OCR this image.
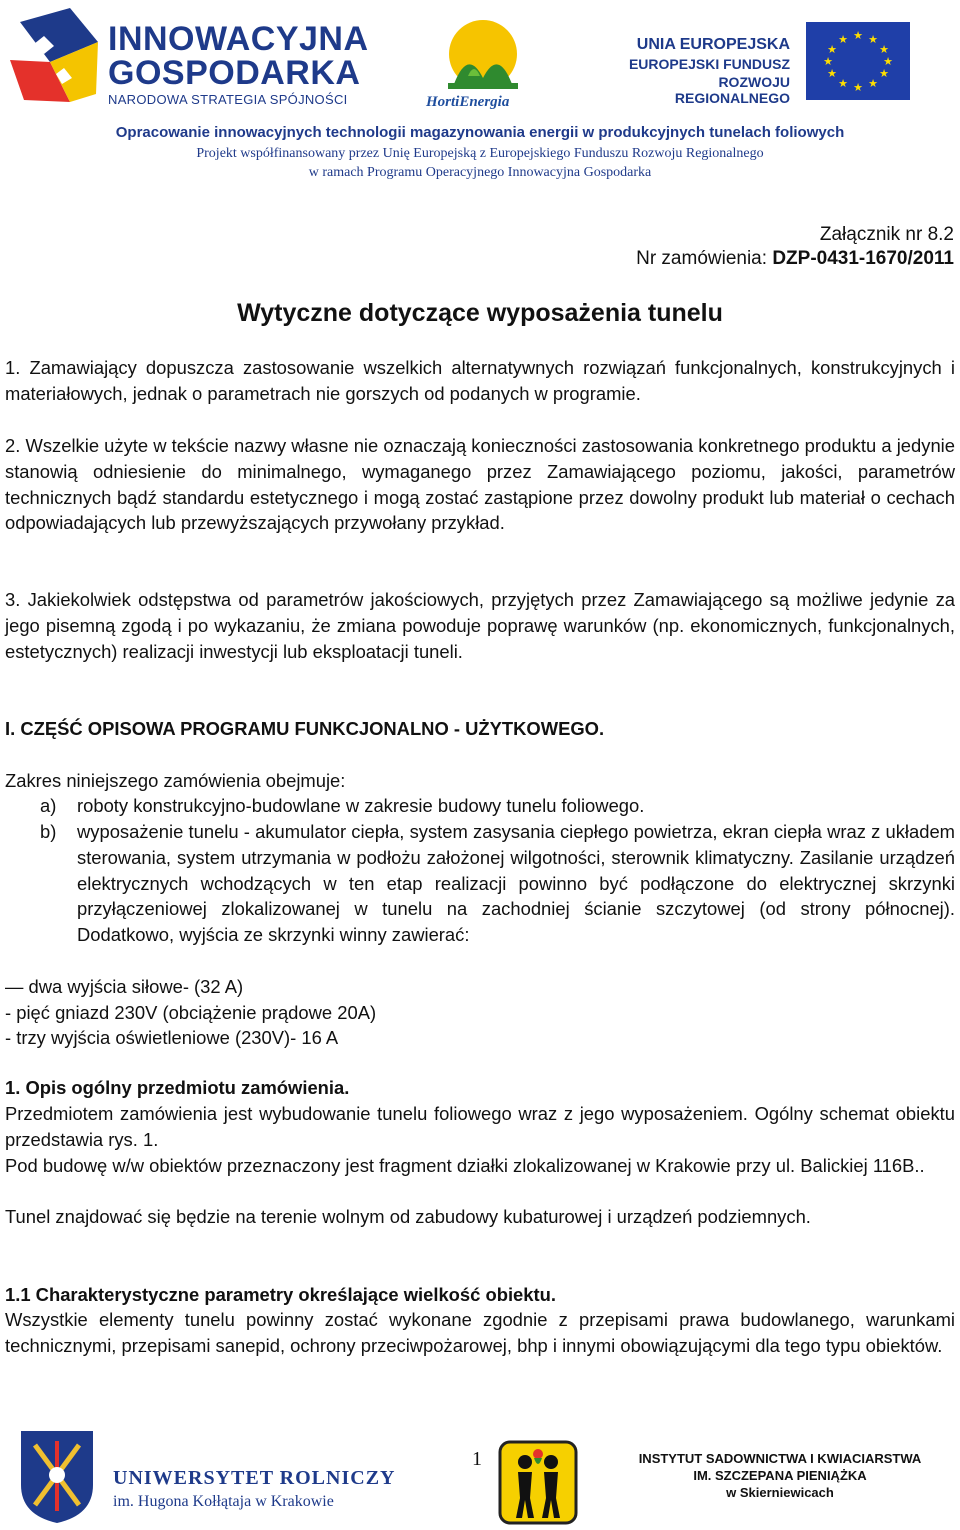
INNOWACYJNA
GOSPODARKA
NARODOWA STRATEGIA SPÓJNOŚCI	HortiEnergia
UNIA EUROPEJSKA
EUROPEJSKI FUNDUSZ
ROZWOJU REGIONALNEGO
★ ★
★
★
★
★
★
★
★
★
★
★
Opracowanie innowacyjnych technologii magazynowania energii w produkcyjnych tunelach foliowych
Projekt współfinansowany przez Unię Europejską z Europejskiego Funduszu Rozwoju Regionalnego
w ramach Programu Operacyjnego Innowacyjna Gospodarka
Załącznik nr 8.2
Nr zamówienia: DZP-0431-1670/2011
Wytyczne dotyczące wyposażenia tunelu
1. Zamawiający dopuszcza zastosowanie wszelkich alternatywnych rozwiązań funkcjonalnych, konstrukcyjnych i materiałowych, jednak o parametrach nie gorszych od podanych w programie.
2. Wszelkie użyte w tekście nazwy własne nie oznaczają konieczności zastosowania konkretnego produktu a jedynie stanowią odniesienie do minimalnego, wymaganego przez Zamawiającego poziomu, jakości, parametrów technicznych bądź standardu estetycznego i mogą zostać zastąpione przez dowolny produkt lub materiał o cechach odpowiadających lub przewyższających przywołany przykład.
3. Jakiekolwiek odstępstwa od parametrów jakościowych, przyjętych przez Zamawiającego są możliwe jedynie za jego pisemną zgodą i po wykazaniu, że zmiana powoduje poprawę warunków (np. ekonomicznych, funkcjonalnych, estetycznych) realizacji inwestycji lub eksploatacji tuneli.
I. CZĘŚĆ OPISOWA PROGRAMU FUNKCJONALNO - UŻYTKOWEGO.
Zakres niniejszego zamówienia obejmuje:
a) roboty konstrukcyjno-budowlane w zakresie budowy tunelu foliowego.
b) wyposażenie tunelu - akumulator ciepła, system zasysania ciepłego powietrza, ekran ciepła wraz z układem sterowania, system utrzymania w podłożu założonej wilgotności, sterownik klimatyczny. Zasilanie urządzeń elektrycznych wchodzących w ten etap realizacji powinno być podłączone do elektrycznej skrzynki przyłączeniowej zlokalizowanej w tunelu na zachodniej ścianie szczytowej (od strony północnej). Dodatkowo, wyjścia ze skrzynki winny zawierać:
— dwa wyjścia siłowe- (32 A)
- pięć gniazd 230V (obciążenie prądowe 20A)
- trzy wyjścia oświetleniowe (230V)- 16 A
1. Opis ogólny przedmiotu zamówienia.
Przedmiotem zamówienia jest wybudowanie tunelu foliowego wraz z jego wyposażeniem. Ogólny schemat obiektu przedstawia rys. 1.
Pod budowę w/w obiektów przeznaczony jest fragment działki zlokalizowanej w Krakowie przy ul. Balickiej 116B..
Tunel znajdować się będzie na terenie wolnym od zabudowy kubaturowej i urządzeń podziemnych.
1.1 Charakterystyczne parametry określające wielkość obiektu.
Wszystkie elementy tunelu powinny zostać wykonane zgodnie z przepisami prawa budowlanego, warunkami technicznymi, przepisami sanepid, ochrony przeciwpożarowej, bhp i innymi obowiązującymi dla tego typu obiektów.
UNIWERSYTET ROLNICZY
im. Hugona Kołłątaja w Krakowie
1	INSTYTUT SADOWNICTWA I KWIACIARSTWA
IM. SZCZEPANA PIENIĄŻKA
w Skierniewicach
